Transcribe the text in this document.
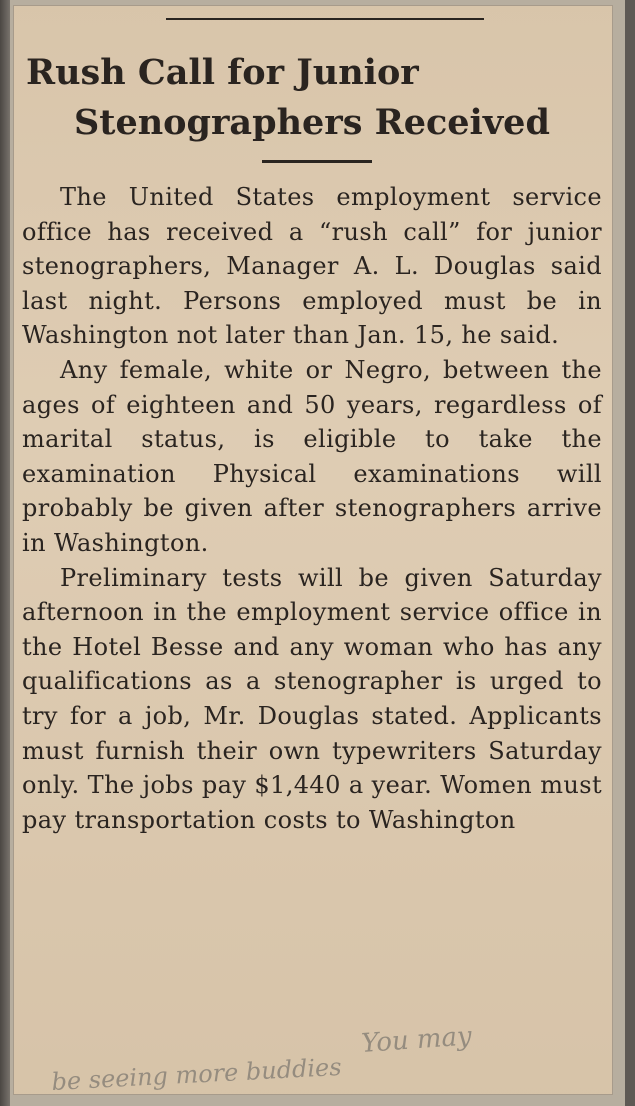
Rush Call for Junior
Stenographers Received

The United States employment service office has received a “rush call” for junior stenographers, Manager A. L. Douglas said last night. Persons employed must be in Washington not later than Jan. 15, he said.

Any female, white or Negro, between the ages of eighteen and 50 years, regardless of marital status, is eligible to take the examination Physical examinations will probably be given after stenographers arrive in Washington.

Preliminary tests will be given Saturday afternoon in the employment service office in the Hotel Besse and any woman who has any qualifications as a stenographer is urged to try for a job, Mr. Douglas stated. Applicants must furnish their own typewriters Saturday only. The jobs pay $1,440 a year. Women must pay transportation costs to Washington

You may
be seeing more buddies
